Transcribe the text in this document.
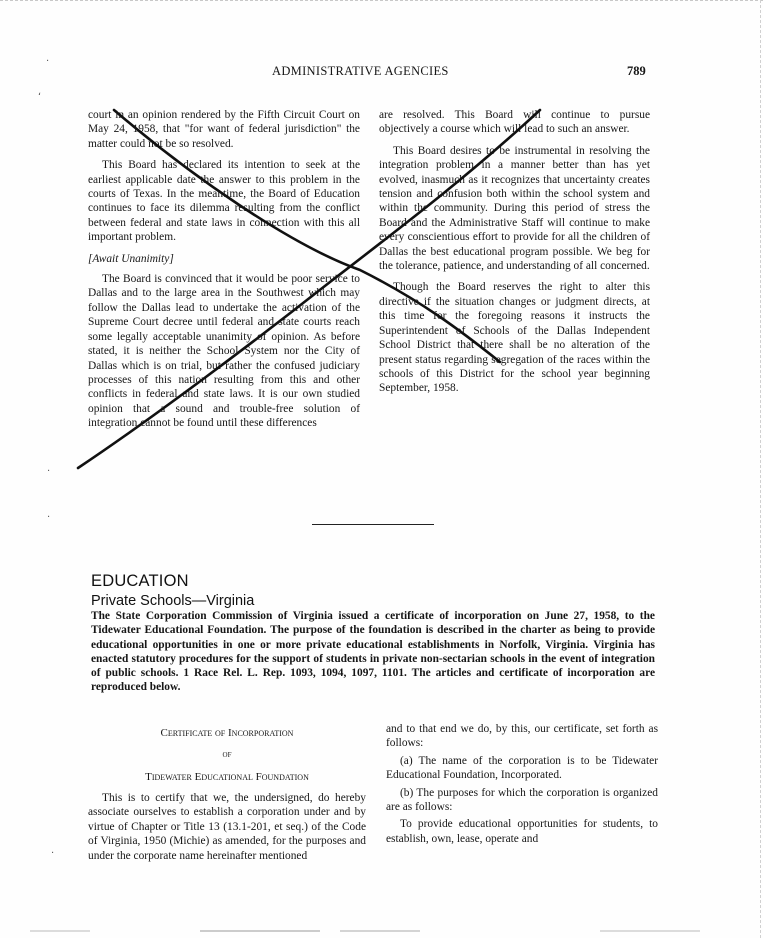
ADMINISTRATIVE AGENCIES	789

court in an opinion rendered by the Fifth Circuit Court on May 24, 1958, that "for want of federal jurisdiction" the matter could not be so resolved.

This Board has declared its intention to seek at the earliest applicable date the answer to this problem in the courts of Texas. In the meantime, the Board of Education continues to face its dilemma resulting from the conflict between federal and state laws in connection with this all important problem.

[Await Unanimity]

The Board is convinced that it would be poor service to Dallas and to the large area in the Southwest which may follow the Dallas lead to undertake the activation of the Supreme Court decree until federal and state courts reach some legally acceptable unanimity of opinion. As before stated, it is neither the School System nor the City of Dallas which is on trial, but rather the confused judiciary processes of this nation resulting from this and other conflicts in federal and state laws. It is our own studied opinion that a sound and trouble-free solution of integration cannot be found until these differences

are resolved. This Board will continue to pursue objectively a course which will lead to such an answer.

This Board desires to be instrumental in resolving the integration problem in a manner better than has yet evolved, inasmuch as it recognizes that uncertainty creates tension and confusion both within the school system and within the community. During this period of stress the Board and the Administrative Staff will continue to make every conscientious effort to provide for all the children of Dallas the best educational program possible. We beg for the tolerance, patience, and understanding of all concerned.

Though the Board reserves the right to alter this directive if the situation changes or judgment directs, at this time for the foregoing reasons it instructs the Superintendent of Schools of the Dallas Independent School District that there shall be no alteration of the present status regarding segregation of the races within the schools of this District for the school year beginning September, 1958.

EDUCATION
Private Schools—Virginia
The State Corporation Commission of Virginia issued a certificate of incorporation on June 27, 1958, to the Tidewater Educational Foundation. The purpose of the foundation is described in the charter as being to provide educational opportunities in one or more private educational establishments in Norfolk, Virginia. Virginia has enacted statutory procedures for the support of students in private non-sectarian schools in the event of integration of public schools. 1 Race Rel. L. Rep. 1093, 1094, 1097, 1101. The articles and certificate of incorporation are reproduced below.

Certificate of Incorporation

of

Tidewater Educational Foundation

This is to certify that we, the undersigned, do hereby associate ourselves to establish a corporation under and by virtue of Chapter or Title 13 (13.1-201, et seq.) of the Code of Virginia, 1950 (Michie) as amended, for the purposes and under the corporate name hereinafter mentioned

and to that end we do, by this, our certificate, set forth as follows:

(a) The name of the corporation is to be Tidewater Educational Foundation, Incorporated.

(b) The purposes for which the corporation is organized are as follows:

To provide educational opportunities for students, to establish, own, lease, operate and

ʻ
·
·
·
·
